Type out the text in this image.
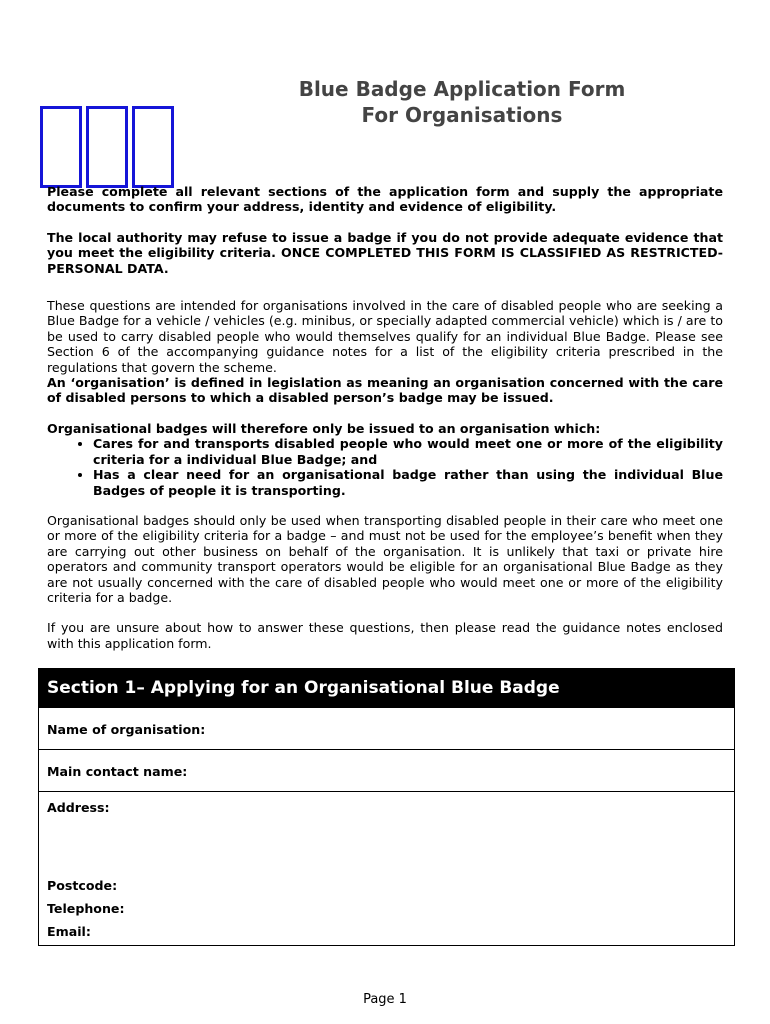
Blue Badge Application Form
For Organisations

Please complete all relevant sections of the application form and supply the appropriate documents to confirm your address, identity and evidence of eligibility.

The local authority may refuse to issue a badge if you do not provide adequate evidence that you meet the eligibility criteria. ONCE COMPLETED THIS FORM IS CLASSIFIED AS RESTRICTED-PERSONAL DATA.

These questions are intended for organisations involved in the care of disabled people who are seeking a Blue Badge for a vehicle / vehicles (e.g. minibus, or specially adapted commercial vehicle) which is / are to be used to carry disabled people who would themselves qualify for an individual Blue Badge. Please see Section 6 of the accompanying guidance notes for a list of the eligibility criteria prescribed in the regulations that govern the scheme.

An ‘organisation’ is defined in legislation as meaning an organisation concerned with the care of disabled persons to which a disabled person’s badge may be issued.

Organisational badges will therefore only be issued to an organisation which:

• Cares for and transports disabled people who would meet one or more of the eligibility criteria for a individual Blue Badge; and
• Has a clear need for an organisational badge rather than using the individual Blue Badges of people it is transporting.

Organisational badges should only be used when transporting disabled people in their care who meet one or more of the eligibility criteria for a badge – and must not be used for the employee’s benefit when they are carrying out other business on behalf of the organisation. It is unlikely that taxi or private hire operators and community transport operators would be eligible for an organisational Blue Badge as they are not usually concerned with the care of disabled people who would meet one or more of the eligibility criteria for a badge.

If you are unsure about how to answer these questions, then please read the guidance notes enclosed with this application form.

Section 1– Applying for an Organisational Blue Badge
Name of organisation:
Main contact name:
Address:
Postcode:
Telephone:
Email:
Page 1
